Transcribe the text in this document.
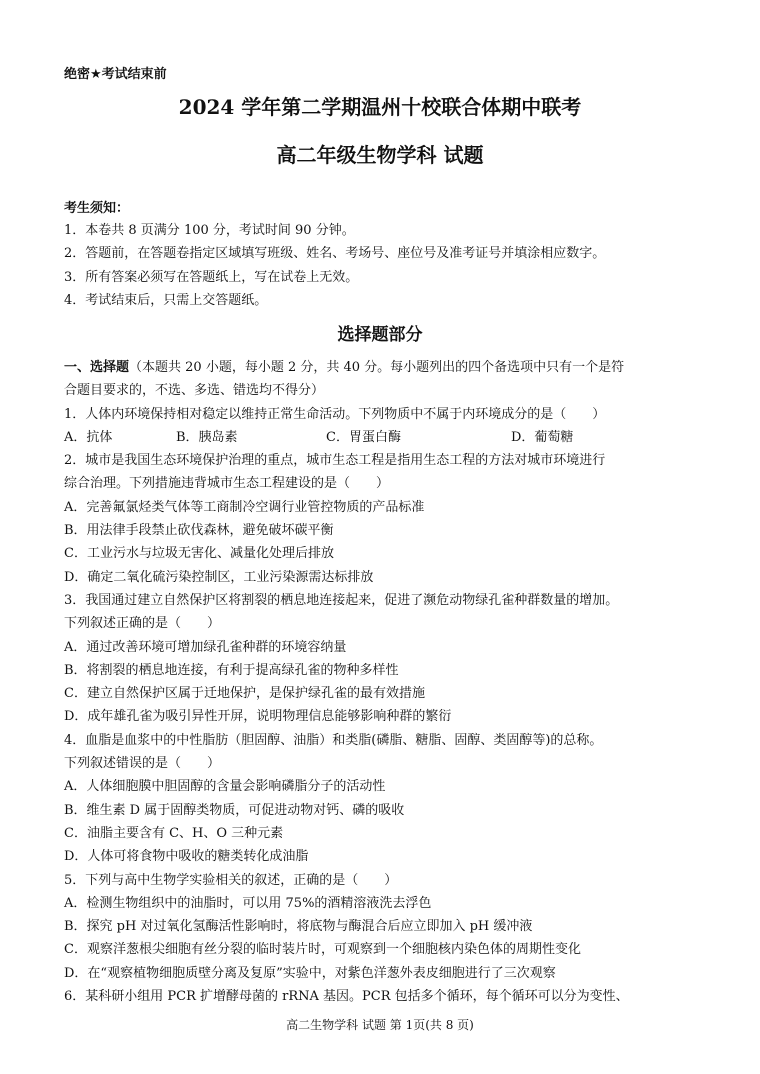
绝密★考试结束前
2024 学年第二学期温州十校联合体期中联考
高二年级生物学科 试题
考生须知：
1．本卷共 8 页满分 100 分，考试时间 90 分钟。
2．答题前，在答题卷指定区域填写班级、姓名、考场号、座位号及准考证号并填涂相应数字。
3．所有答案必须写在答题纸上，写在试卷上无效。
4．考试结束后，只需上交答题纸。
选择题部分
一、选择题（本题共 20 小题，每小题 2 分，共 40 分。每小题列出的四个备选项中只有一个是符
合题目要求的，不选、多选、错选均不得分）
1．人体内环境保持相对稳定以维持正常生命活动。下列物质中不属于内环境成分的是（　　）
A．抗体	B．胰岛素	C．胃蛋白酶	D．葡萄糖
2．城市是我国生态环境保护治理的重点，城市生态工程是指用生态工程的方法对城市环境进行
综合治理。下列措施违背城市生态工程建设的是（　　）
A．完善氟氯烃类气体等工商制冷空调行业管控物质的产品标准
B．用法律手段禁止砍伐森林，避免破坏碳平衡
C．工业污水与垃圾无害化、减量化处理后排放
D．确定二氧化硫污染控制区，工业污染源需达标排放
3．我国通过建立自然保护区将割裂的栖息地连接起来，促进了濒危动物绿孔雀种群数量的增加。
下列叙述正确的是（　　）
A．通过改善环境可增加绿孔雀种群的环境容纳量
B．将割裂的栖息地连接，有利于提高绿孔雀的物种多样性
C．建立自然保护区属于迁地保护，是保护绿孔雀的最有效措施
D．成年雄孔雀为吸引异性开屏，说明物理信息能够影响种群的繁衍
4．血脂是血浆中的中性脂肪（胆固醇、油脂）和类脂(磷脂、糖脂、固醇、类固醇等)的总称。
下列叙述错误的是（　　）
A．人体细胞膜中胆固醇的含量会影响磷脂分子的活动性
B．维生素 D 属于固醇类物质，可促进动物对钙、磷的吸收
C．油脂主要含有 C、H、O 三种元素
D．人体可将食物中吸收的糖类转化成油脂
5．下列与高中生物学实验相关的叙述，正确的是（　　）
A．检测生物组织中的油脂时，可以用 75%的酒精溶液洗去浮色
B．探究 pH 对过氧化氢酶活性影响时，将底物与酶混合后应立即加入 pH 缓冲液
C．观察洋葱根尖细胞有丝分裂的临时装片时，可观察到一个细胞核内染色体的周期性变化
D．在“观察植物细胞质壁分离及复原”实验中，对紫色洋葱外表皮细胞进行了三次观察
6．某科研小组用 PCR 扩增酵母菌的 rRNA 基因。PCR 包括多个循环，每个循环可以分为变性、
高二生物学科 试题 第 1页(共 8 页)
